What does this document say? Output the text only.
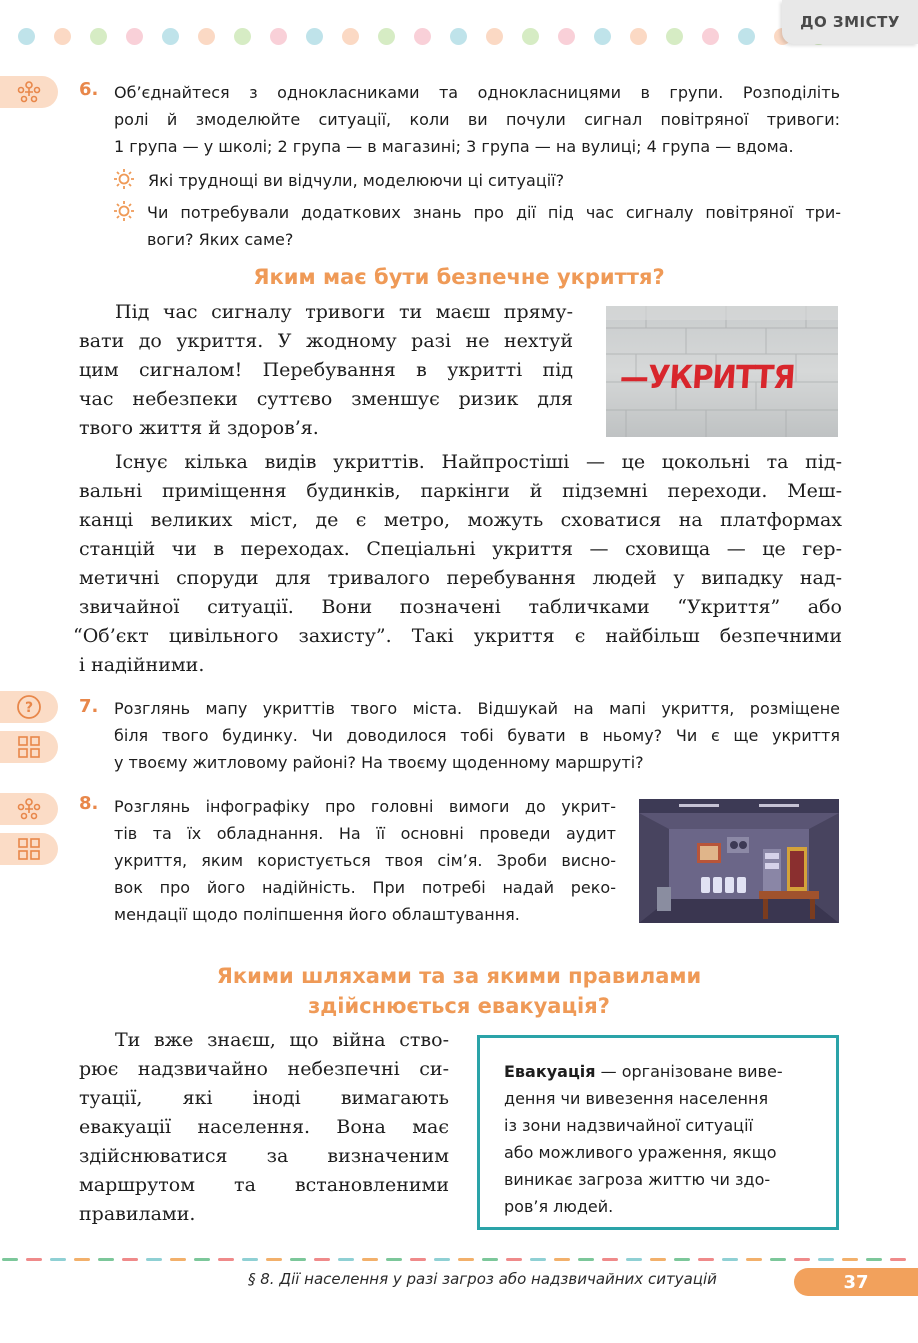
ДО ЗМІСТУ
?
6. Об’єднайтеся з однокласниками та однокласницями в групи. Розподіліть
ролі й змоделюйте ситуації, коли ви почули сигнал повітряної тривоги:
1 група — у школі; 2 група — в магазині; 3 група — на вулиці; 4 група — вдома.
Які труднощі ви відчули, моделюючи ці ситуації?
Чи потребували додаткових знань про дії під час сигналу повітряної три-
воги? Яких саме?
Яким має бути безпечне укриття?
Під час сигналу тривоги ти маєш пряму-
вати до укриття. У жодному разі не нехтуй
цим сигналом! Перебування в укритті під
час небезпеки суттєво зменшує ризик для
твого життя й здоров’я.
—УКРИТТЯ
Існує кілька видів укриттів. Найпростіші — це цокольні та під-
вальні приміщення будинків, паркінги й підземні переходи. Меш-
канці великих міст, де є метро, можуть сховатися на платформах
станцій чи в переходах. Спеціальні укриття — сховища — це гер-
метичні споруди для тривалого перебування людей у випадку над-
звичайної ситуації. Вони позначені табличками “Укриття” або
“Об’єкт цивільного захисту”. Такі укриття є найбільш безпечними
і надійними.
7. Розглянь мапу укриттів твого міста. Відшукай на мапі укриття, розміщене
біля твого будинку. Чи доводилося тобі бувати в ньому? Чи є ще укриття
у твоєму житловому районі? На твоєму щоденному маршруті?
8. Розглянь інфографіку про головні вимоги до укрит-
тів та їх обладнання. На її основні проведи аудит
укриття, яким користується твоя сім’я. Зроби висно-
вок про його надійність. При потребі надай реко-
мендації щодо поліпшення його облаштування.
Якими шляхами та за якими правилами
здійснюється евакуація?
Ти вже знаєш, що війна ство-
рює надзвичайно небезпечні си-
туації, які іноді вимагають
евакуації населення. Вона має
здійснюватися за визначеним
маршрутом та встановленими
правилами.
Евакуація — організоване виве-
дення чи вивезення населення
із зони надзвичайної ситуації
або можливого ураження, якщо
виникає загроза життю чи здо-
ров’я людей.
§ 8. Дії населення у разі загроз або надзвичайних ситуацій	37
